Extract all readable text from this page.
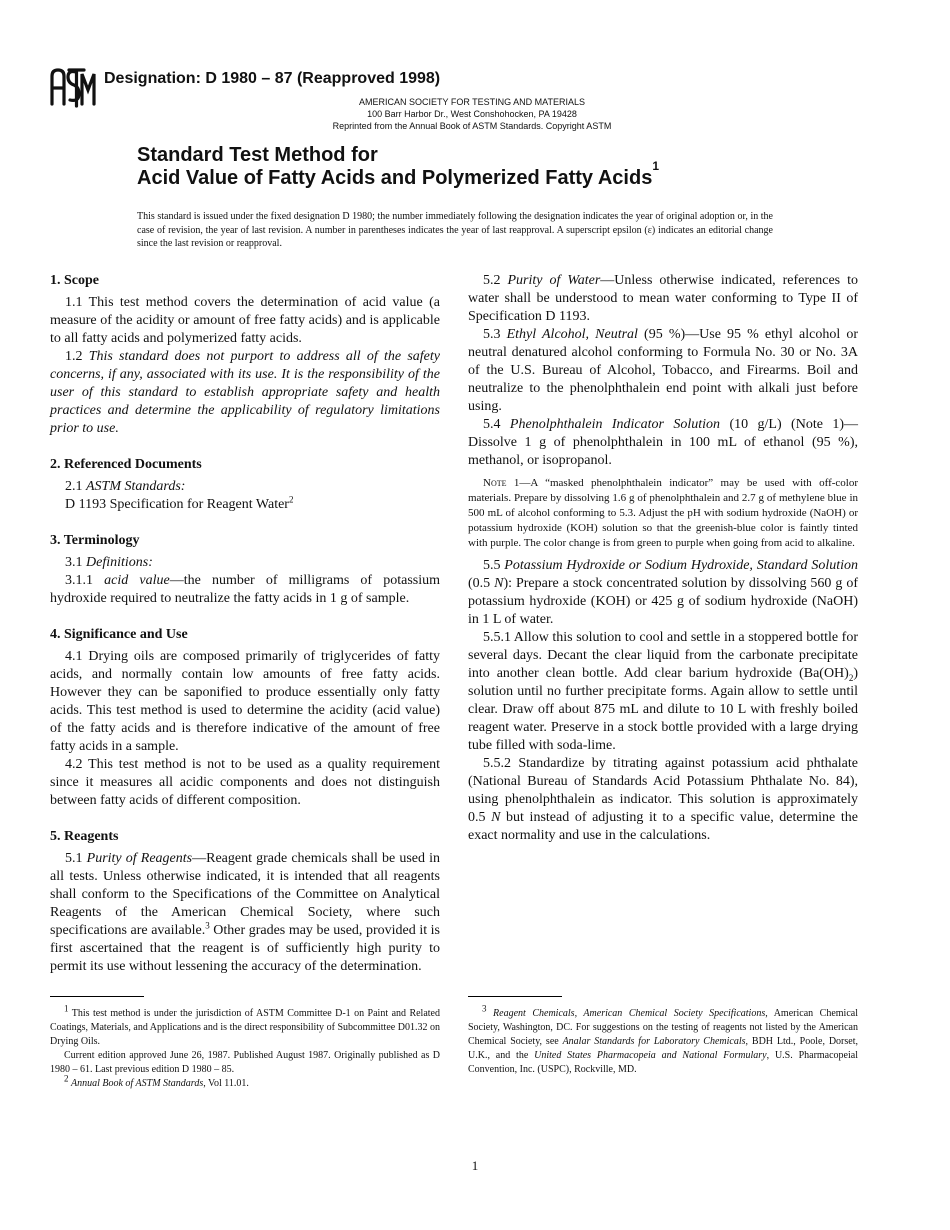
ASTM
Designation: D 1980 – 87 (Reapproved 1998)
AMERICAN SOCIETY FOR TESTING AND MATERIALS
100 Barr Harbor Dr., West Conshohocken, PA 19428
Reprinted from the Annual Book of ASTM Standards. Copyright ASTM
Standard Test Method for
Acid Value of Fatty Acids and Polymerized Fatty Acids$^1$
This standard is issued under the fixed designation D 1980; the number immediately following the designation indicates the year of original adoption or, in the case of revision, the year of last revision. A number in parentheses indicates the year of last reapproval. A superscript epsilon (ε) indicates an editorial change since the last revision or reapproval.
1. Scope

1.1 This test method covers the determination of acid value (a measure of the acidity or amount of free fatty acids) and is applicable to all fatty acids and polymerized fatty acids.

1.2 This standard does not purport to address all of the safety concerns, if any, associated with its use. It is the responsibility of the user of this standard to establish appropriate safety and health practices and determine the applicability of regulatory limitations prior to use.

2. Referenced Documents

2.1 ASTM Standards:

D 1193 Specification for Reagent Water$^2$

3. Terminology

3.1 Definitions:

3.1.1 acid value—the number of milligrams of potassium hydroxide required to neutralize the fatty acids in 1 g of sample.

4. Significance and Use

4.1 Drying oils are composed primarily of triglycerides of fatty acids, and normally contain low amounts of free fatty acids. However they can be saponified to produce essentially only fatty acids. This test method is used to determine the acidity (acid value) of the fatty acids and is therefore indicative of the amount of free fatty acids in a sample.

4.2 This test method is not to be used as a quality requirement since it measures all acidic components and does not distinguish between fatty acids of different composition.

5. Reagents

5.1 Purity of Reagents—Reagent grade chemicals shall be used in all tests. Unless otherwise indicated, it is intended that all reagents shall conform to the Specifications of the Committee on Analytical Reagents of the American Chemical Society, where such specifications are available.$^3$ Other grades may be used, provided it is first ascertained that the reagent is of sufficiently high purity to permit its use without lessening the accuracy of the determination.

5.2 Purity of Water—Unless otherwise indicated, references to water shall be understood to mean water conforming to Type II of Specification D 1193.

5.3 Ethyl Alcohol, Neutral (95 %)—Use 95 % ethyl alcohol or neutral denatured alcohol conforming to Formula No. 30 or No. 3A of the U.S. Bureau of Alcohol, Tobacco, and Firearms. Boil and neutralize to the phenolphthalein end point with alkali just before using.

5.4 Phenolphthalein Indicator Solution (10 g/L) (Note 1)—Dissolve 1 g of phenolphthalein in 100 mL of ethanol (95 %), methanol, or isopropanol.

Note 1—A “masked phenolphthalein indicator” may be used with off-color materials. Prepare by dissolving 1.6 g of phenolphthalein and 2.7 g of methylene blue in 500 mL of alcohol conforming to 5.3. Adjust the pH with sodium hydroxide (NaOH) or potassium hydroxide (KOH) solution so that the greenish-blue color is faintly tinted with purple. The color change is from green to purple when going from acid to alkaline.

5.5 Potassium Hydroxide or Sodium Hydroxide, Standard Solution (0.5 N): Prepare a stock concentrated solution by dissolving 560 g of potassium hydroxide (KOH) or 425 g of sodium hydroxide (NaOH) in 1 L of water.

5.5.1 Allow this solution to cool and settle in a stoppered bottle for several days. Decant the clear liquid from the carbonate precipitate into another clean bottle. Add clear barium hydroxide $(Ba(OH)_2)$ solution until no further precipitate forms. Again allow to settle until clear. Draw off about 875 mL and dilute to 10 L with freshly boiled reagent water. Preserve in a stock bottle provided with a large drying tube filled with soda-lime.

5.5.2 Standardize by titrating against potassium acid phthalate (National Bureau of Standards Acid Potassium Phthalate No. 84), using phenolphthalein as indicator. This solution is approximately 0.5 N but instead of adjusting it to a specific value, determine the exact normality and use in the calculations.

$^1$ This test method is under the jurisdiction of ASTM Committee D-1 on Paint and Related Coatings, Materials, and Applications and is the direct responsibility of Subcommittee D01.32 on Drying Oils.

Current edition approved June 26, 1987. Published August 1987. Originally published as D 1980 – 61. Last previous edition D 1980 – 85.

$^2$ Annual Book of ASTM Standards, Vol 11.01.

$^3$ Reagent Chemicals, American Chemical Society Specifications, American Chemical Society, Washington, DC. For suggestions on the testing of reagents not listed by the American Chemical Society, see Analar Standards for Laboratory Chemicals, BDH Ltd., Poole, Dorset, U.K., and the United States Pharmacopeia and National Formulary, U.S. Pharmacopeial Convention, Inc. (USPC), Rockville, MD.

1
